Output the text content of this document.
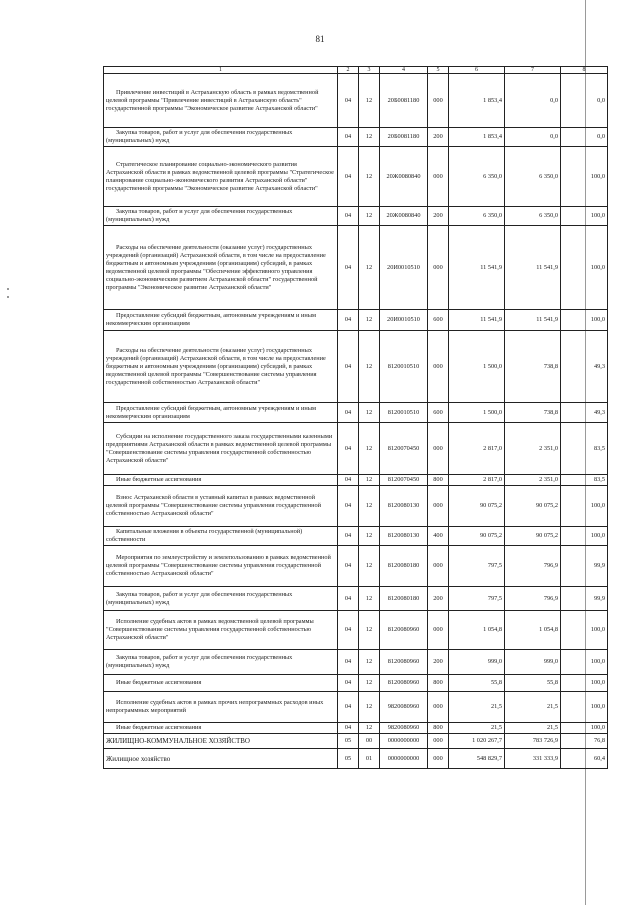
81
1	2	3	4	5	6	7	8
Привлечение инвестиций в Астраханскую область в рамках ведомственной целевой программы "Привлечение инвестиций в Астраханскую область" государственной программы "Экономическое развитие Астраханской области"	04	12	20Б0081180	000	1 853,4	0,0	0,0
Закупка товаров, работ и услуг для обеспечения государственных (муниципальных) нужд	04	12	20Б0081180	200	1 853,4	0,0	0,0
Стратегическое планирование социально-экономического развития Астраханской области в рамках ведомственной целевой программы "Стратегическое планирование социально-экономического развития Астраханской области" государственной программы "Экономическое развитие Астраханской области"	04	12	20Ж0080840	000	6 350,0	6 350,0	100,0
Закупка товаров, работ и услуг для обеспечения государственных (муниципальных) нужд	04	12	20Ж0080840	200	6 350,0	6 350,0	100,0
Расходы на обеспечение деятельности (оказание услуг) государственных учреждений (организаций) Астраханской области, в том числе на предоставление бюджетным и автономным учреждениям (организациям) субсидий, в рамках ведомственной целевой программы "Обеспечение эффективного управления социально-экономическим развитием Астраханской области" государственной программы "Экономическое развитие Астраханской области"	04	12	20И0010510	000	11 541,9	11 541,9	100,0
Предоставление субсидий бюджетным, автономным учреждениям и иным некоммерческим организациям	04	12	20И0010510	600	11 541,9	11 541,9	100,0
Расходы на обеспечение деятельности (оказание услуг) государственных учреждений (организаций) Астраханской области, в том числе на предоставление бюджетным и автономным учреждениям (организациям) субсидий, в рамках ведомственной целевой программы "Совершенствование системы управления государственной собственностью Астраханской области"	04	12	8120010510	000	1 500,0	738,8	49,3
Предоставление субсидий бюджетным, автономным учреждениям и иным некоммерческим организациям	04	12	8120010510	600	1 500,0	738,8	49,3
Субсидии на исполнение государственного заказа государственными казенными предприятиями Астраханской области в рамках ведомственной целевой программы "Совершенствование системы управления государственной собственностью Астраханской области"	04	12	8120070450	000	2 817,0	2 351,0	83,5
Иные бюджетные ассигнования	04	12	8120070450	800	2 817,0	2 351,0	83,5
Взнос Астраханской области в уставный капитал в рамках ведомственной целевой программы "Совершенствование системы управления государственной собственностью Астраханской области"	04	12	8120080130	000	90 075,2	90 075,2	100,0
Капитальные вложения в объекты государственной (муниципальной) собственности	04	12	8120080130	400	90 075,2	90 075,2	100,0
Мероприятия по землеустройству и землепользованию в рамках ведомственной целевой программы "Совершенствование системы управления государственной собственностью Астраханской области"	04	12	8120080180	000	797,5	796,9	99,9
Закупка товаров, работ и услуг для обеспечения государственных (муниципальных) нужд	04	12	8120080180	200	797,5	796,9	99,9
Исполнение судебных актов в рамках ведомственной целевой программы "Совершенствование системы управления государственной собственностью Астраханской области"	04	12	8120080960	000	1 054,8	1 054,8	100,0
Закупка товаров, работ и услуг для обеспечения государственных (муниципальных) нужд	04	12	8120080960	200	999,0	999,0	100,0
Иные бюджетные ассигнования	04	12	8120080960	800	55,8	55,8	100,0
Исполнение судебных актов в рамках прочих непрограммных расходов иных непрограммных мероприятий	04	12	9820080960	000	21,5	21,5	100,0
Иные бюджетные ассигнования	04	12	9820080960	800	21,5	21,5	100,0
ЖИЛИЩНО-КОММУНАЛЬНОЕ ХОЗЯЙСТВО	05	00	0000000000	000	1 020 267,7	783 726,9	76,8
Жилищное хозяйство	05	01	0000000000	000	548 829,7	331 333,9	60,4
